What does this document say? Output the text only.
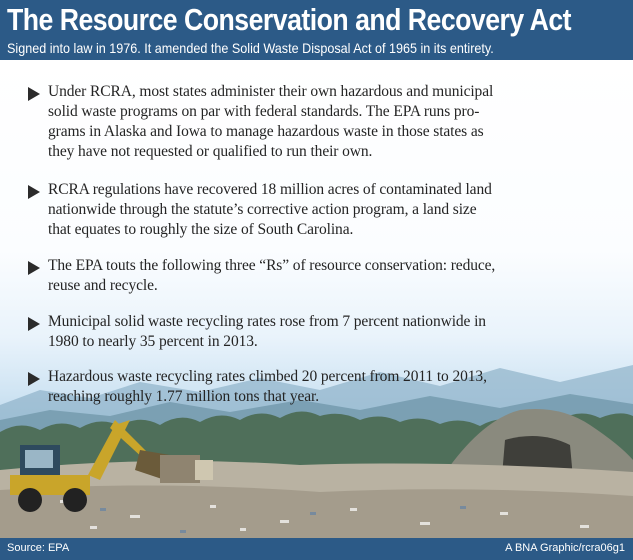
The Resource Conservation and Recovery Act
Signed into law in 1976. It amended the Solid Waste Disposal Act of 1965 in its entirety.
Under RCRA, most states administer their own hazardous and municipal
solid waste programs on par with federal standards. The EPA runs pro-
grams in Alaska and Iowa to manage hazardous waste in those states as
they have not requested or qualified to run their own.
RCRA regulations have recovered 18 million acres of contaminated land
nationwide through the statute’s corrective action program, a land size
that equates to roughly the size of South Carolina.
The EPA touts the following three “Rs” of resource conservation: reduce,
reuse and recycle.
Municipal solid waste recycling rates rose from 7 percent nationwide in
1980 to nearly 35 percent in 2013.
Hazardous waste recycling rates climbed 20 percent from 2011 to 2013,
reaching roughly 1.77 million tons that year.
Source: EPA	A BNA Graphic/rcra06g1
